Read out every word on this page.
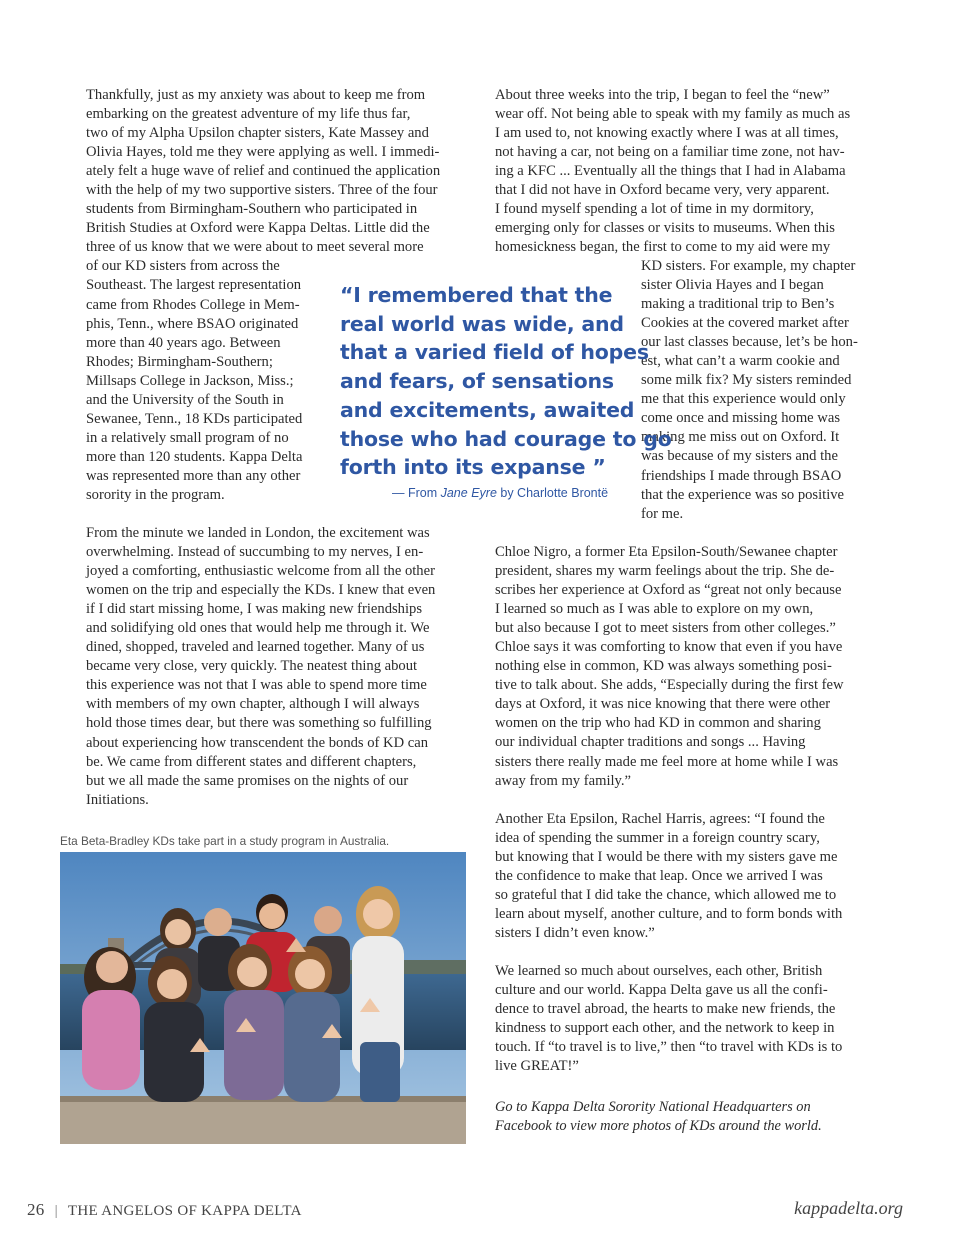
Thankfully, just as my anxiety was about to keep me from
embarking on the greatest adventure of my life thus far,
two of my Alpha Upsilon chapter sisters, Kate Massey and
Olivia Hayes, told me they were applying as well. I immedi-
ately felt a huge wave of relief and continued the application
with the help of my two supportive sisters. Three of the four
students from Birmingham-Southern who participated in
British Studies at Oxford were Kappa Deltas. Little did the
three of us know that we were about to meet several more
of our KD sisters from across the
Southeast. The largest representation
came from Rhodes College in Mem-
phis, Tenn., where BSAO originated
more than 40 years ago. Between
Rhodes; Birmingham-Southern;
Millsaps College in Jackson, Miss.;
and the University of the South in
Sewanee, Tenn., 18 KDs participated
in a relatively small program of no
more than 120 students. Kappa Delta
was represented more than any other
sorority in the program.
From the minute we landed in London, the excitement was
overwhelming. Instead of succumbing to my nerves, I en-
joyed a comforting, enthusiastic welcome from all the other
women on the trip and especially the KDs. I knew that even
if I did start missing home, I was making new friendships
and solidifying old ones that would help me through it. We
dined, shopped, traveled and learned together. Many of us
became very close, very quickly. The neatest thing about
this experience was not that I was able to spend more time
with members of my own chapter, although I will always
hold those times dear, but there was something so fulfilling
about experiencing how transcendent the bonds of KD can
be. We came from different states and different chapters,
but we all made the same promises on the nights of our
Initiations.
About three weeks into the trip, I began to feel the “new”
wear off. Not being able to speak with my family as much as
I am used to, not knowing exactly where I was at all times,
not having a car, not being on a familiar time zone, not hav-
ing a KFC ... Eventually all the things that I had in Alabama
that I did not have in Oxford became very, very apparent.
I found myself spending a lot of time in my dormitory,
emerging only for classes or visits to museums. When this
homesickness began, the first to come to my aid were my
KD sisters. For example, my chapter
sister Olivia Hayes and I began
making a traditional trip to Ben’s
Cookies at the covered market after
our last classes because, let’s be hon-
est, what can’t a warm cookie and
some milk fix? My sisters reminded
me that this experience would only
come once and missing home was
making me miss out on Oxford. It
was because of my sisters and the
friendships I made through BSAO
that the experience was so positive
for me.
Chloe Nigro, a former Eta Epsilon-South/Sewanee chapter
president, shares my warm feelings about the trip. She de-
scribes her experience at Oxford as “great not only because
I learned so much as I was able to explore on my own,
but also because I got to meet sisters from other colleges.”
Chloe says it was comforting to know that even if you have
nothing else in common, KD was always something posi-
tive to talk about. She adds, “Especially during the first few
days at Oxford, it was nice knowing that there were other
women on the trip who had KD in common and sharing
our individual chapter traditions and songs ... Having
sisters there really made me feel more at home while I was
away from my family.”
Another Eta Epsilon, Rachel Harris, agrees: “I found the
idea of spending the summer in a foreign country scary,
but knowing that I would be there with my sisters gave me
the confidence to make that leap. Once we arrived I was
so grateful that I did take the chance, which allowed me to
learn about myself, another culture, and to form bonds with
sisters I didn’t even know.”
We learned so much about ourselves, each other, British
culture and our world. Kappa Delta gave us all the confi-
dence to travel abroad, the hearts to make new friends, the
kindness to support each other, and the network to keep in
touch. If “to travel is to live,” then “to travel with KDs is to
live GREAT!”
“I remembered that the
real world was wide, and
that a varied field of hopes
and fears, of sensations
and excitements, awaited
those who had courage to go
forth into its expanse ”
— From Jane Eyre by Charlotte Brontë
Eta Beta-Bradley KDs take part in a study program in Australia.
Go to Kappa Delta Sorority National Headquarters on
Facebook to view more photos of KDs around the world.
26 | THE ANGELOS OF KAPPA DELTA	kappadelta.org
